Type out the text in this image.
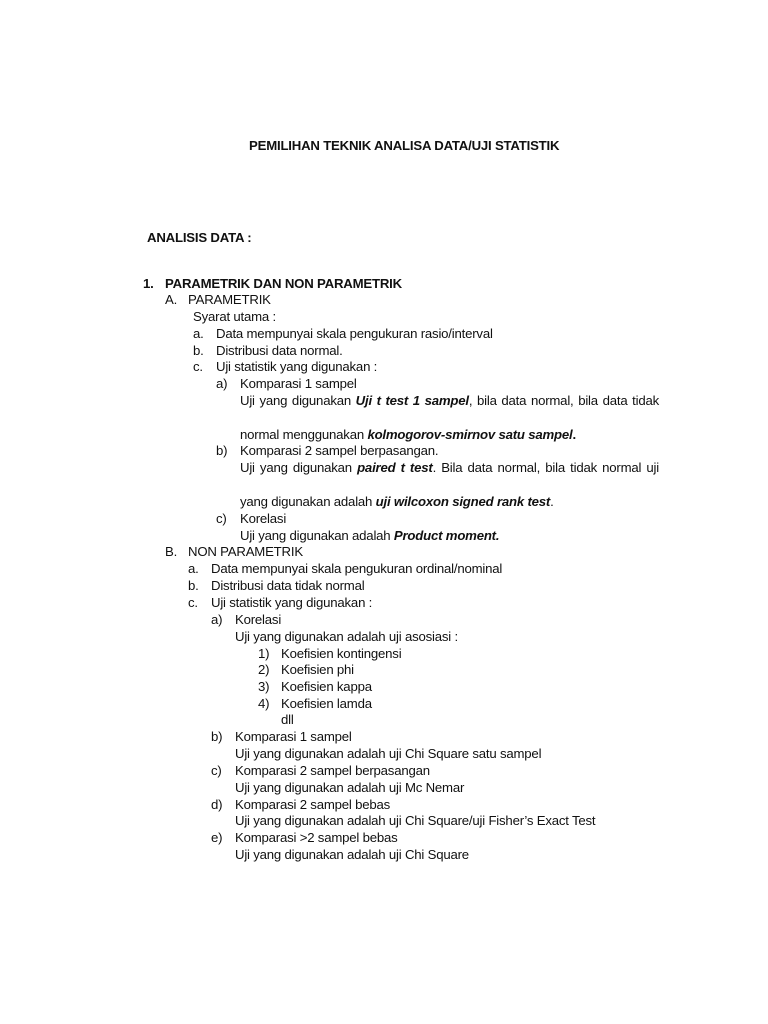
PEMILIHAN TEKNIK ANALISA DATA/UJI STATISTIK
ANALISIS DATA :
1. PARAMETRIK DAN NON PARAMETRIK
A. PARAMETRIK
Syarat utama :
a. Data mempunyai skala pengukuran rasio/interval
b. Distribusi data normal.
c. Uji statistik yang digunakan :
a) Komparasi 1 sampel
Uji yang digunakan Uji t test 1 sampel, bila data normal, bila data tidak
normal menggunakan kolmogorov-smirnov satu sampel.
b) Komparasi 2 sampel berpasangan.
Uji yang digunakan paired t test. Bila data normal, bila tidak normal uji
yang digunakan adalah uji wilcoxon signed rank test.
c) Korelasi
Uji yang digunakan adalah Product moment.
B. NON PARAMETRIK
a. Data mempunyai skala pengukuran ordinal/nominal
b. Distribusi data tidak normal
c. Uji statistik yang digunakan :
a) Korelasi
Uji yang digunakan adalah uji asosiasi :
1) Koefisien kontingensi
2) Koefisien phi
3) Koefisien kappa
4) Koefisien lamda
dll
b) Komparasi 1 sampel
Uji yang digunakan adalah uji Chi Square satu sampel
c) Komparasi 2 sampel berpasangan
Uji yang digunakan adalah uji Mc Nemar
d) Komparasi 2 sampel bebas
Uji yang digunakan adalah uji Chi Square/uji Fisher’s Exact Test
e) Komparasi >2 sampel bebas
Uji yang digunakan adalah uji Chi Square
